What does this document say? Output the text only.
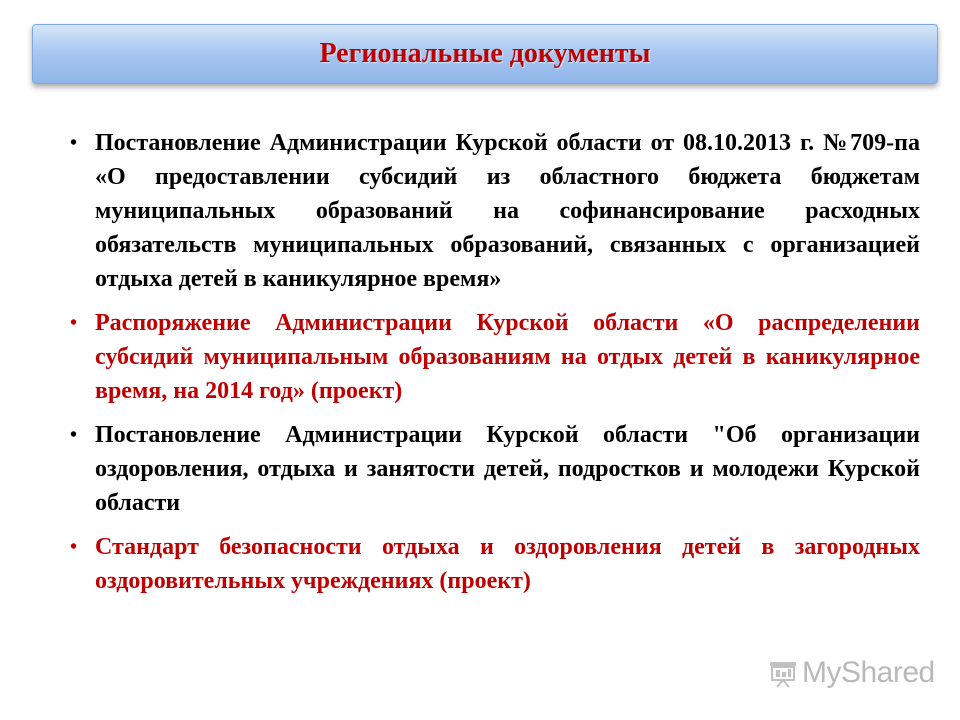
Региональные документы
• Постановление Администрации Курской области от 08.10.2013 г. №709-па «О предоставлении субсидий из областного бюджета бюджетам муниципальных образований на софинансирование расходных обязательств муниципальных образований, связанных с организацией отдыха детей в каникулярное время»
• Распоряжение Администрации Курской области «О распределении субсидий муниципальным образованиям на отдых детей в каникулярное время, на 2014 год» (проект)
• Постановление Администрации Курской области "Об организации оздоровления, отдыха и занятости детей, подростков и молодежи Курской области
• Стандарт безопасности отдыха и оздоровления детей в загородных оздоровительных учреждениях (проект)
MyShared
